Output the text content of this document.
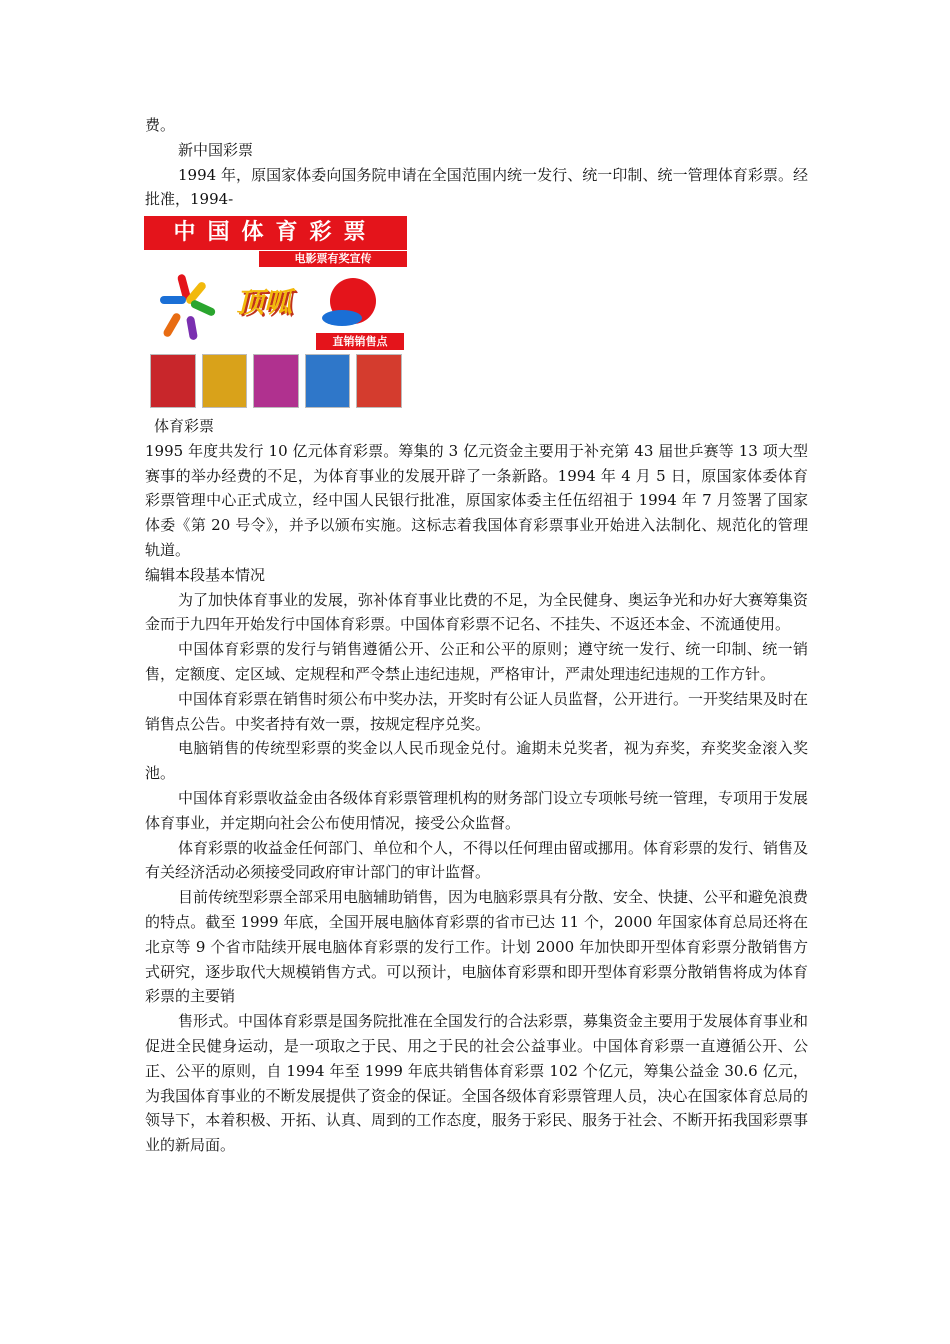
费。

新中国彩票

1994 年，原国家体委向国务院申请在全国范围内统一发行、统一印制、统一管理体育彩票。经批准，1994-

中国体育彩票
电影票有奖宣传
顶呱
直销销售点

体育彩票

1995 年度共发行 10 亿元体育彩票。筹集的 3 亿元资金主要用于补充第 43 届世乒赛等 13 项大型赛事的举办经费的不足，为体育事业的发展开辟了一条新路。1994 年 4 月 5 日，原国家体委体育彩票管理中心正式成立，经中国人民银行批准，原国家体委主任伍绍祖于 1994 年 7 月签署了国家体委《第 20 号令》，并予以颁布实施。这标志着我国体育彩票事业开始进入法制化、规范化的管理轨道。

编辑本段基本情况

为了加快体育事业的发展，弥补体育事业比费的不足，为全民健身、奥运争光和办好大赛筹集资金而于九四年开始发行中国体育彩票。中国体育彩票不记名、不挂失、不返还本金、不流通使用。

中国体育彩票的发行与销售遵循公开、公正和公平的原则；遵守统一发行、统一印制、统一销售，定额度、定区域、定规程和严令禁止违纪违规，严格审计，严肃处理违纪违规的工作方针。

中国体育彩票在销售时须公布中奖办法，开奖时有公证人员监督，公开进行。一开奖结果及时在销售点公告。中奖者持有效一票，按规定程序兑奖。

电脑销售的传统型彩票的奖金以人民币现金兑付。逾期未兑奖者，视为弃奖，弃奖奖金滚入奖池。

中国体育彩票收益金由各级体育彩票管理机构的财务部门设立专项帐号统一管理，专项用于发展体育事业，并定期向社会公布使用情况，接受公众监督。

体育彩票的收益金任何部门、单位和个人，不得以任何理由留或挪用。体育彩票的发行、销售及有关经济活动必须接受同政府审计部门的审计监督。

目前传统型彩票全部采用电脑辅助销售，因为电脑彩票具有分散、安全、快捷、公平和避免浪费的特点。截至 1999 年底，全国开展电脑体育彩票的省市已达 11 个，2000 年国家体育总局还将在北京等 9 个省市陆续开展电脑体育彩票的发行工作。计划 2000 年加快即开型体育彩票分散销售方式研究，逐步取代大规模销售方式。可以预计，电脑体育彩票和即开型体育彩票分散销售将成为体育彩票的主要销

售形式。中国体育彩票是国务院批准在全国发行的合法彩票，募集资金主要用于发展体育事业和促进全民健身运动，是一项取之于民、用之于民的社会公益事业。中国体育彩票一直遵循公开、公正、公平的原则，自 1994 年至 1999 年底共销售体育彩票 102 个亿元，筹集公益金 30.6 亿元，为我国体育事业的不断发展提供了资金的保证。全国各级体育彩票管理人员，决心在国家体育总局的领导下，本着积极、开拓、认真、周到的工作态度，服务于彩民、服务于社会、不断开拓我国彩票事业的新局面。
